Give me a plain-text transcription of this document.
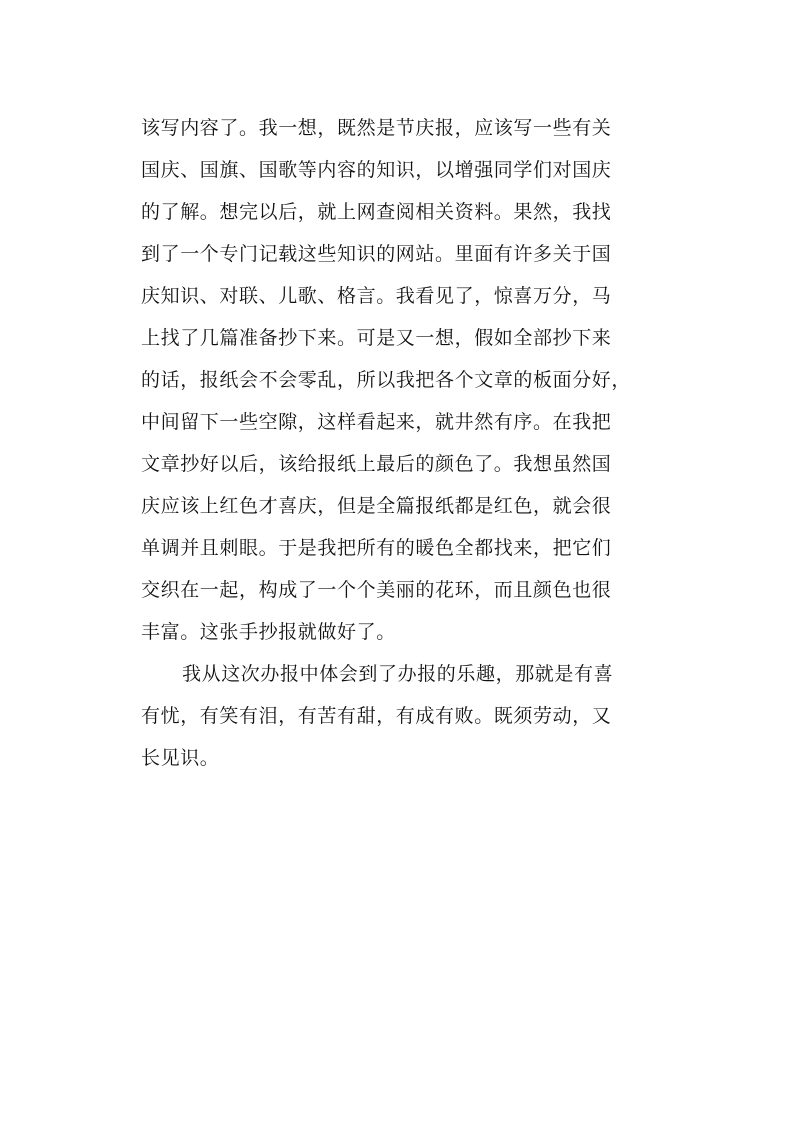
该写内容了。我一想，既然是节庆报，应该写一些有关
国庆、国旗、国歌等内容的知识，以增强同学们对国庆
的了解。想完以后，就上网查阅相关资料。果然，我找
到了一个专门记载这些知识的网站。里面有许多关于国
庆知识、对联、儿歌、格言。我看见了，惊喜万分，马
上找了几篇准备抄下来。可是又一想，假如全部抄下来
的话，报纸会不会零乱，所以我把各个文章的板面分好，
中间留下一些空隙，这样看起来，就井然有序。在我把
文章抄好以后，该给报纸上最后的颜色了。我想虽然国
庆应该上红色才喜庆，但是全篇报纸都是红色，就会很
单调并且刺眼。于是我把所有的暖色全都找来，把它们
交织在一起，构成了一个个美丽的花环，而且颜色也很
丰富。这张手抄报就做好了。
我从这次办报中体会到了办报的乐趣，那就是有喜
有忧，有笑有泪，有苦有甜，有成有败。既须劳动，又
长见识。
